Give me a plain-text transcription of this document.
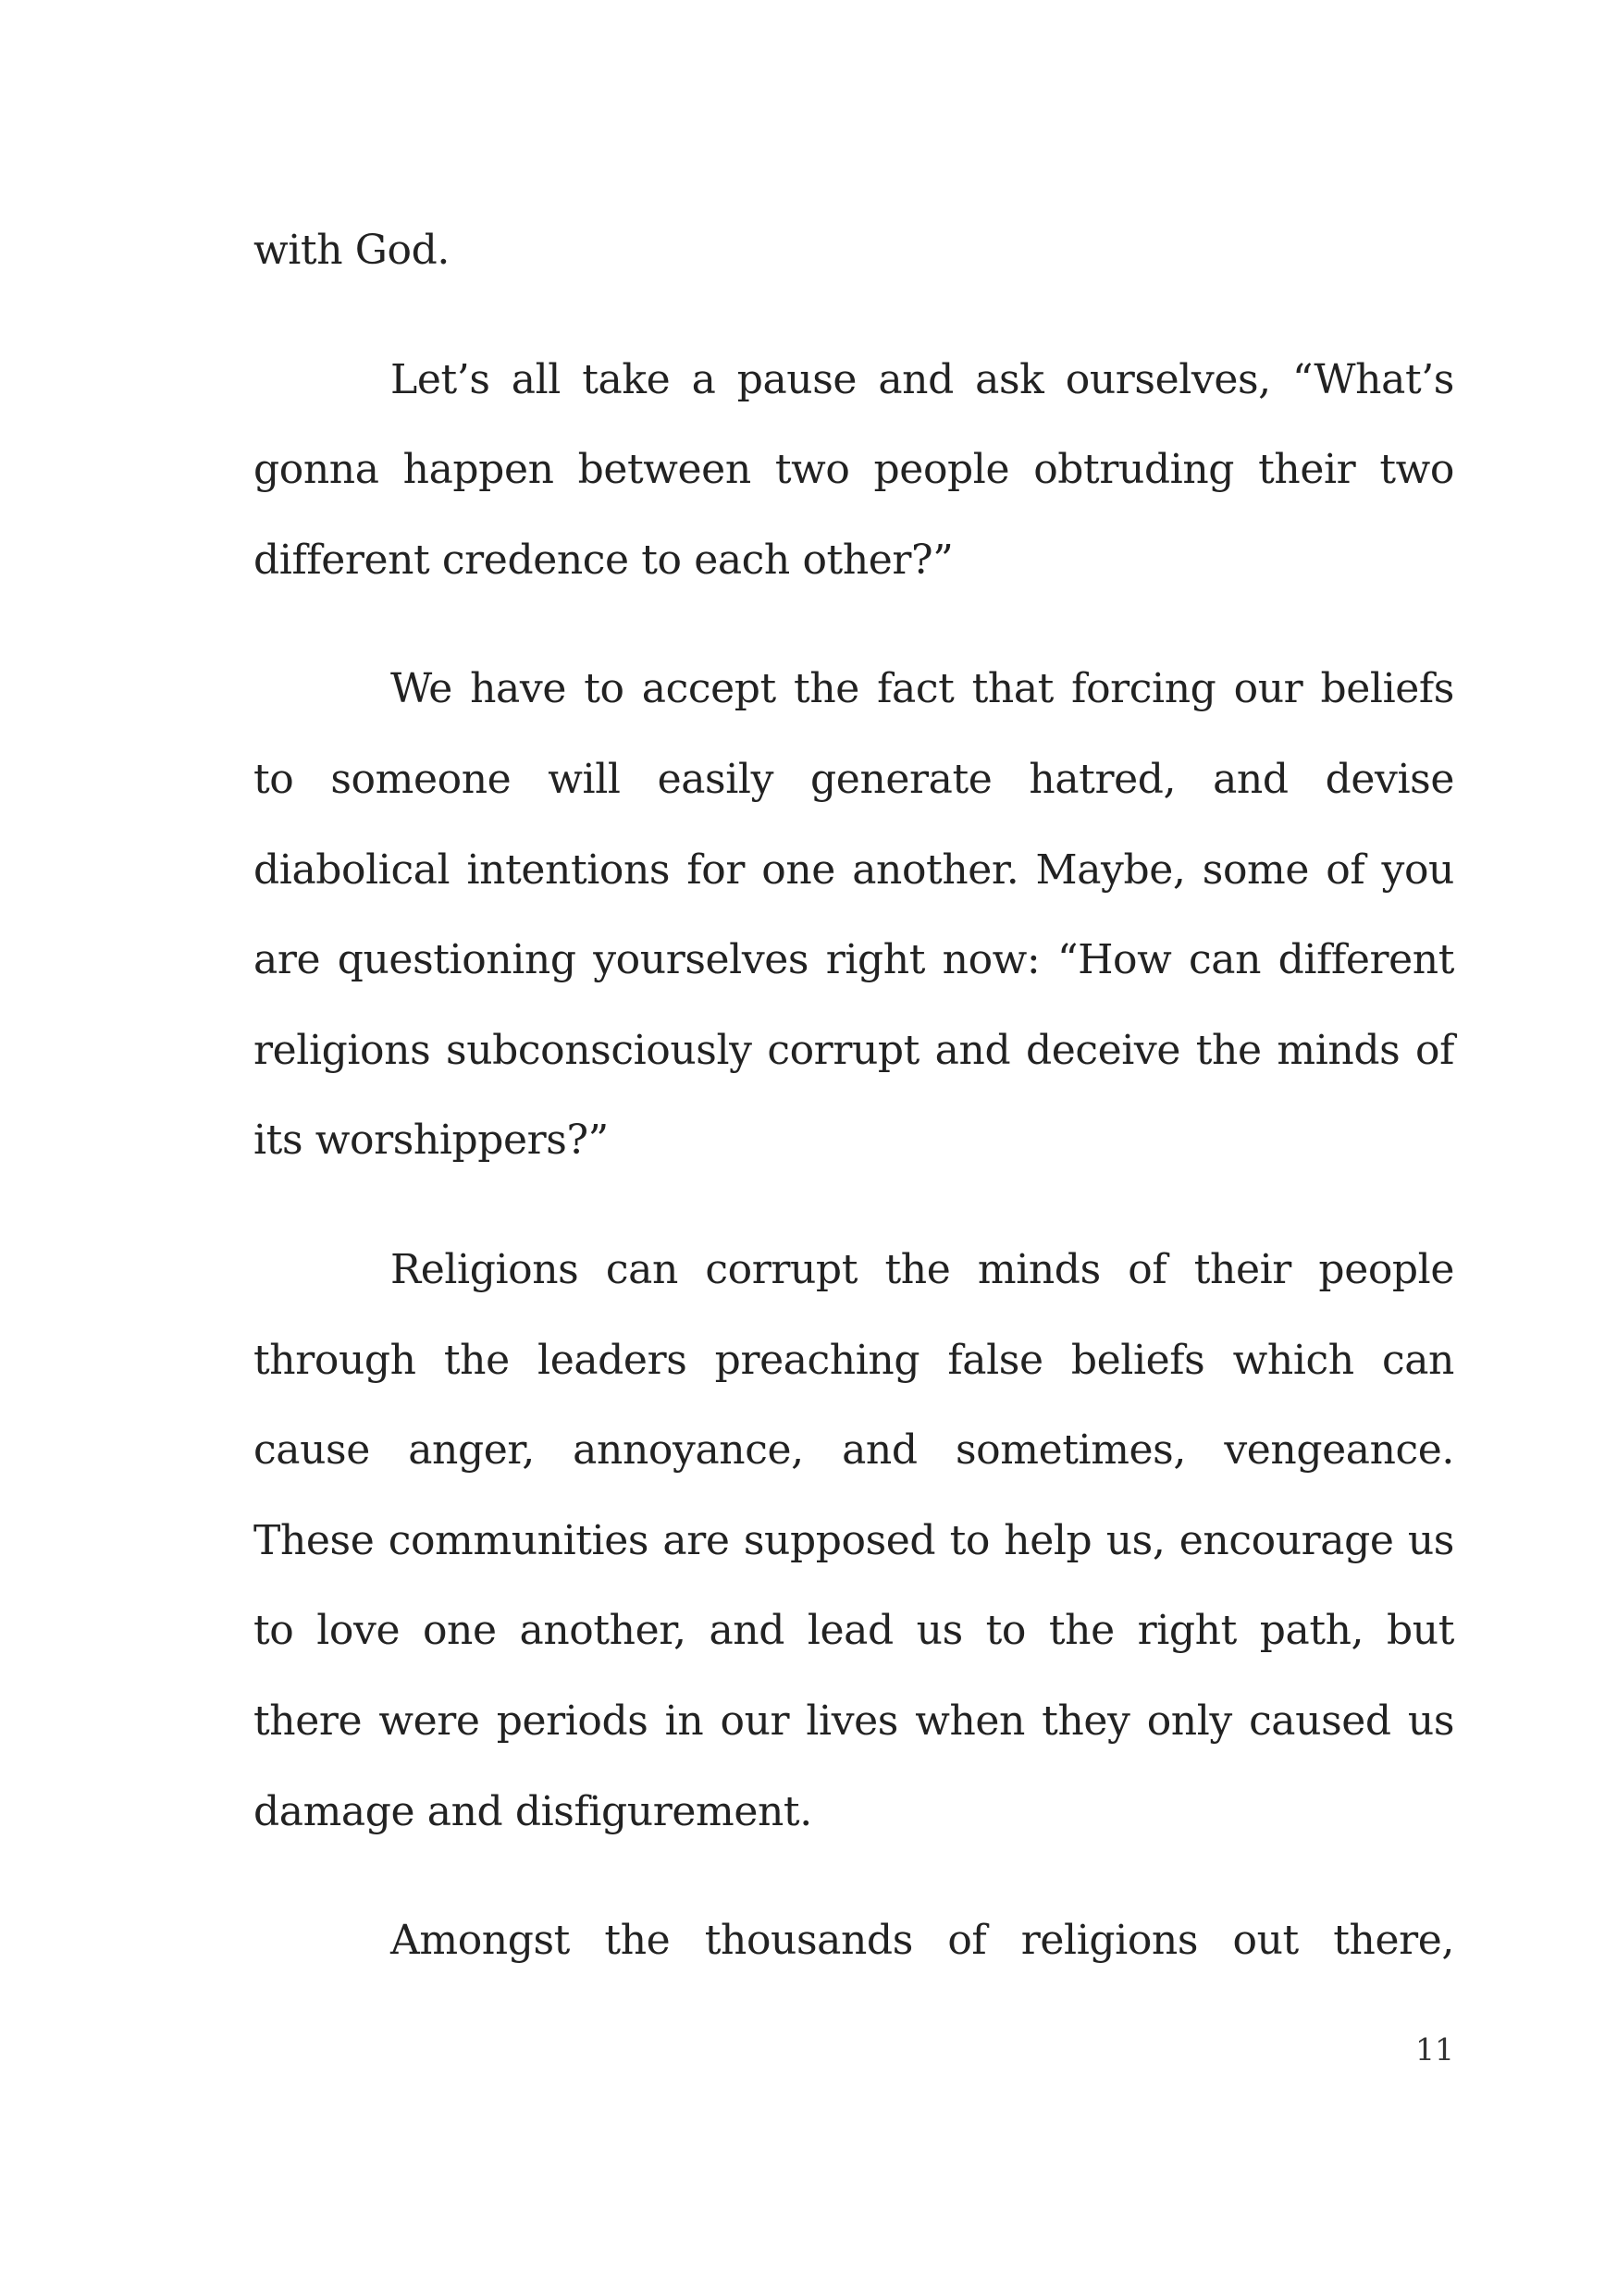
with God.

Let’s all take a pause and ask ourselves, “What’s gonna happen between two people obtruding their two different credence to each other?”

We have to accept the fact that forcing our beliefs to someone will easily generate hatred, and devise diabolical intentions for one another. Maybe, some of you are questioning yourselves right now: “How can different religions subconsciously corrupt and deceive the minds of its worshippers?”

Religions can corrupt the minds of their people through the leaders preaching false beliefs which can cause anger, annoyance, and sometimes, vengeance. These communities are supposed to help us, encourage us to love one another, and lead us to the right path, but there were periods in our lives when they only caused us damage and disfigurement.

Amongst the thousands of religions out there,

11
